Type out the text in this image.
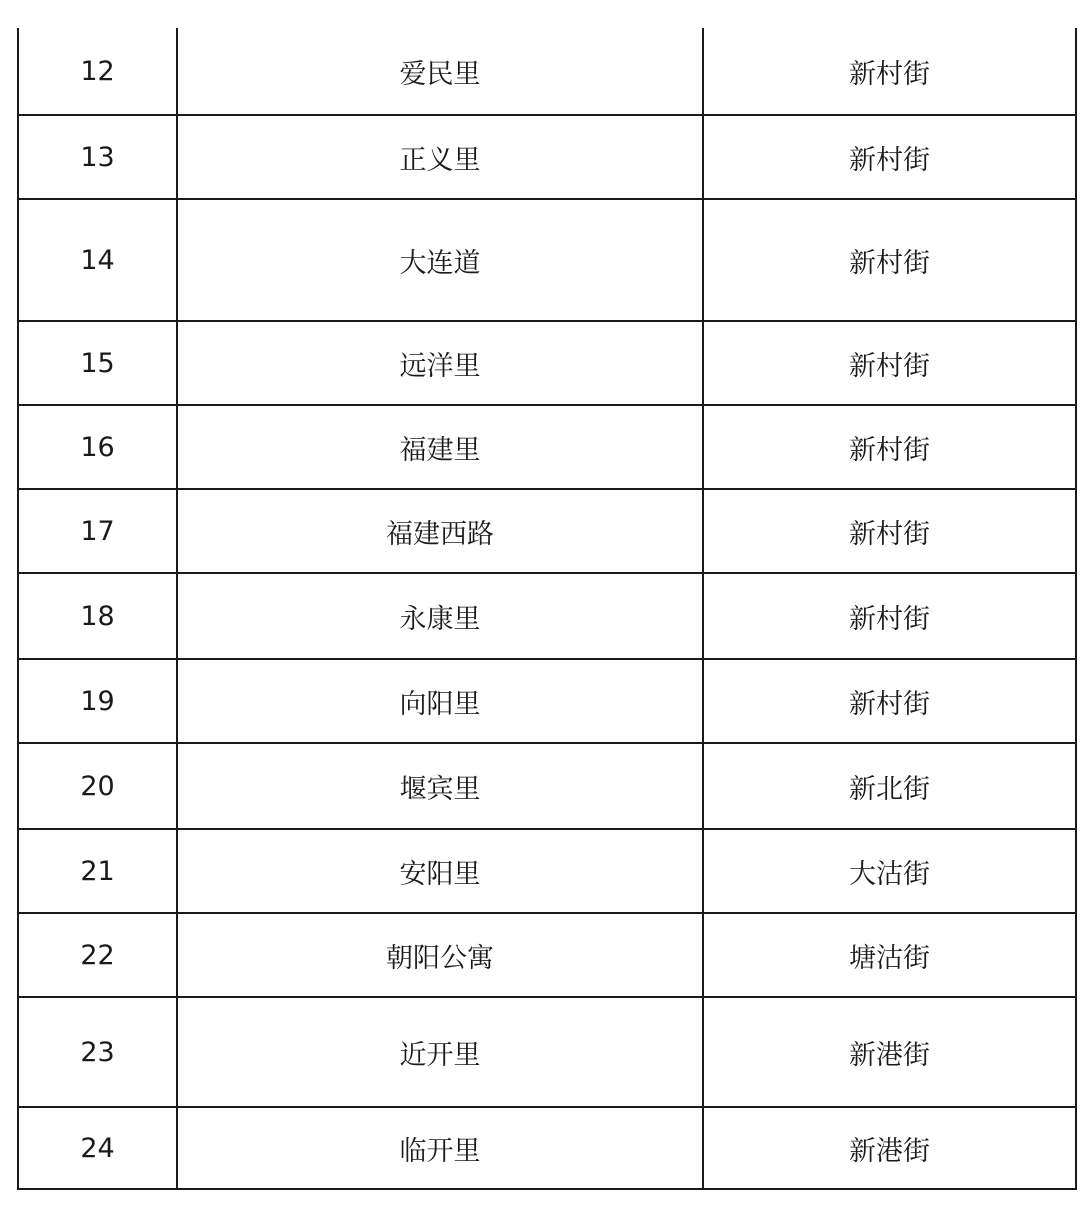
12	爱民里	新村街
13	正义里	新村街
14	大连道	新村街
15	远洋里	新村街
16	福建里	新村街
17	福建西路	新村街
18	永康里	新村街
19	向阳里	新村街
20	堰宾里	新北街
21	安阳里	大沽街
22	朝阳公寓	塘沽街
23	近开里	新港街
24	临开里	新港街
